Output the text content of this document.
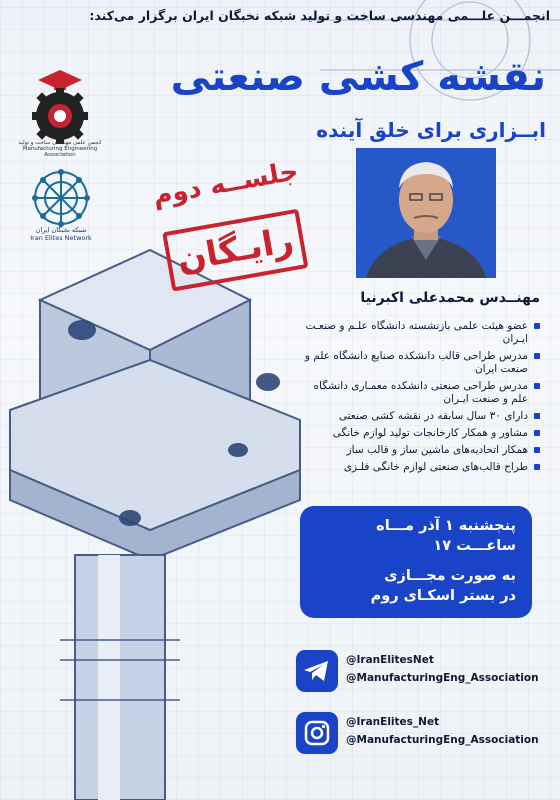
انجمـــن علـــمی مهندسی ساخت و تولید شبکه نخبگان ایران برگزار می‌کند:
نقشه کشی صنعتی
ابــزاری برای خلق آینده
انجمن علمی مهندسی ساخت و تولید Manufacturing Engineering Association
شبکه نخبگان ایران
Iran Elites Network
جلســه دوم
رایـگان
مهنــدس محمدعلی اکبرنیا
عضو هیئت علمی بازنشسته دانشگاه علـم و صنعـت ایـران
مدرس طراحی قالب دانشکده صنایع دانشگاه علم و صنعت ایران
مدرس طراحی صنعتی دانشکده معمـاری دانشگاه علم و صنعت ایـران
دارای ۳۰ سال سابقه در نقشه کشی صنعتی
مشاور و همکار کارخانجات تولید لوازم خانگی
همکار اتحادیه‌های ماشین ساز و قالب ساز
طراح قالب‌های صنعتی لوازم خانگی فلـزی
پنجشنبه ۱ آذر مـــاه
ساعـــت ۱۷
به صورت مجـــازی
در بستر اسکـای روم
@IranElitesNet
@ManufacturingEng_Association
@IranElites_Net
@ManufacturingEng_Association
